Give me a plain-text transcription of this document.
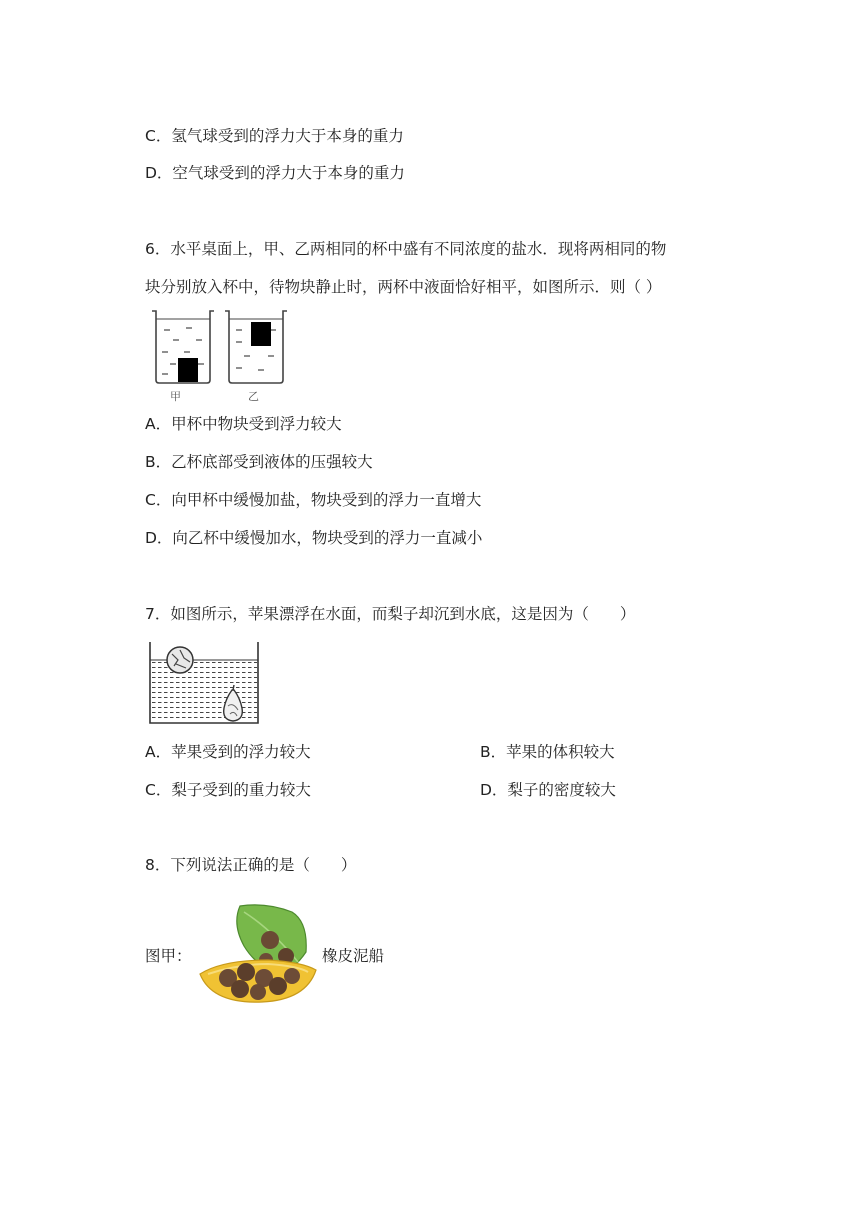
C．氢气球受到的浮力大于本身的重力
D．空气球受到的浮力大于本身的重力
6．水平桌面上，甲、乙两相同的杯中盛有不同浓度的盐水．现将两相同的物
块分别放入杯中，待物块静止时，两杯中液面恰好相平，如图所示．则（ ）
甲	乙
A．甲杯中物块受到浮力较大
B．乙杯底部受到液体的压强较大
C．向甲杯中缓慢加盐，物块受到的浮力一直增大
D．向乙杯中缓慢加水，物块受到的浮力一直减小
7．如图所示，苹果漂浮在水面，而梨子却沉到水底，这是因为（　　）
A．苹果受到的浮力较大	B．苹果的体积较大
C．梨子受到的重力较大	D．梨子的密度较大
8．下列说法正确的是（　　）
图甲：	橡皮泥船
